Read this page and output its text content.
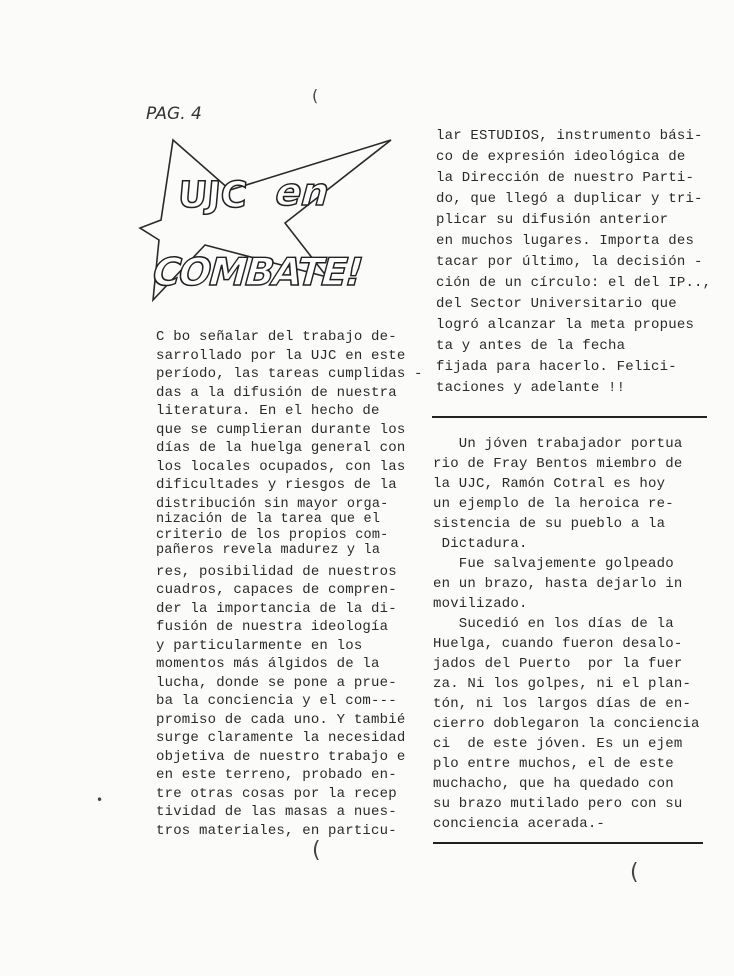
PAG. 4
(
UJC en
COMBATE!
C bo señalar del trabajo de-
sarrollado por la UJC en este
período, las tareas cumplidas -
das a la difusión de nuestra
literatura. En el hecho de
que se cumplieran durante los
días de la huelga general con
los locales ocupados, con las
dificultades y riesgos de la
distribución sin mayor orga-
nización de la tarea que el
criterio de los propios com-
pañeros revela madurez y la
res, posibilidad de nuestros
cuadros, capaces de compren-
der la importancia de la di-
fusión de nuestra ideología
y particularmente en los
momentos más álgidos de la
lucha, donde se pone a prue-
ba la conciencia y el com---
promiso de cada uno. Y tambié
surge claramente la necesidad
objetiva de nuestro trabajo e
en este terreno, probado en-
tre otras cosas por la recep
tividad de las masas a nues-
tros materiales, en particu-
lar ESTUDIOS, instrumento bási-
co de expresión ideológica de
la Dirección de nuestro Parti-
do, que llegó a duplicar y tri-
plicar su difusión anterior
en muchos lugares. Importa des
tacar por último, la decisión -
ción de un círculo: el del IP..,
del Sector Universitario que
logró alcanzar la meta propues
ta y antes de la fecha
fijada para hacerlo. Felici-
taciones y adelante !!
Un jóven trabajador portua
rio de Fray Bentos miembro de
la UJC, Ramón Cotral es hoy
un ejemplo de la heroica re-
sistencia de su pueblo a la
Dictadura.
Fue salvajemente golpeado
en un brazo, hasta dejarlo in
movilizado.
Sucedió en los días de la
Huelga, cuando fueron desalo-
jados del Puerto  por la fuer
za. Ni los golpes, ni el plan-
tón, ni los largos días de en-
cierro doblegaron la conciencia
ci  de este jóven. Es un ejem
plo entre muchos, el de este
muchacho, que ha quedado con
su brazo mutilado pero con su
conciencia acerada.-
(
(
•
